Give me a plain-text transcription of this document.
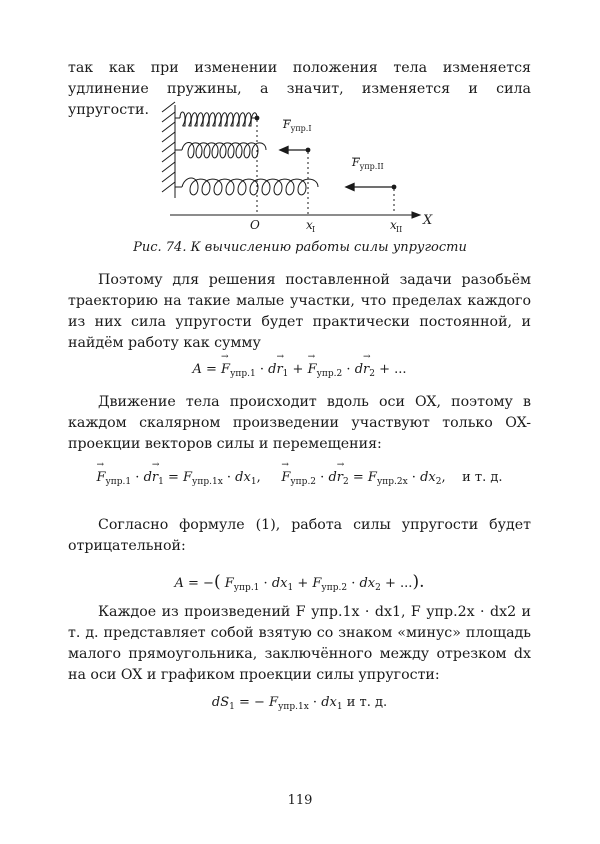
так как при изменении положения тела изменяется удлинение пружины, а значит, изменяется и сила упругости.

$F_{упр.I}$
$F_{упр.II}$
O	x I	x II
X
Рис. 74. К вычислению работы силы упругости

Поэтому для решения поставленной задачи разобьём траекторию на такие малые участки, что пределах каждого из них сила упругости будет практически постоянной, и найдём работу как сумму

A = → $F_{упр.1} \cdot d\to r_1$ + → $F_{упр.2} \cdot d\to r_2$ + ...

Движение тела происходит вдоль оси OX, поэтому в каждом скалярном произведении участвуют только OX-проекции векторов силы и перемещения:

→ $F_{упр.1} \cdot d\to r_1 = F_{упр.1x} \cdot dx_1$,     → $F_{упр.2} \cdot d\to r_2 = F_{упр.2x} \cdot dx_2$,    и т. д.

Согласно формуле (1), работа силы упругости будет отрицательной:

A = −( $F_{упр.1} \cdot dx_1 + F_{упр.2} \cdot dx_2$ + ...).

Каждое из произведений F упр.1x · dx1, F упр.2x · dx2 и т. д. представляет собой взятую со знаком «минус» площадь малого прямоугольника, заключённого между отрезком dx на оси OX и графиком проекции силы упругости:

$dS_1$ = − $F_{упр.1x} \cdot dx_1$ и т. д.
119
